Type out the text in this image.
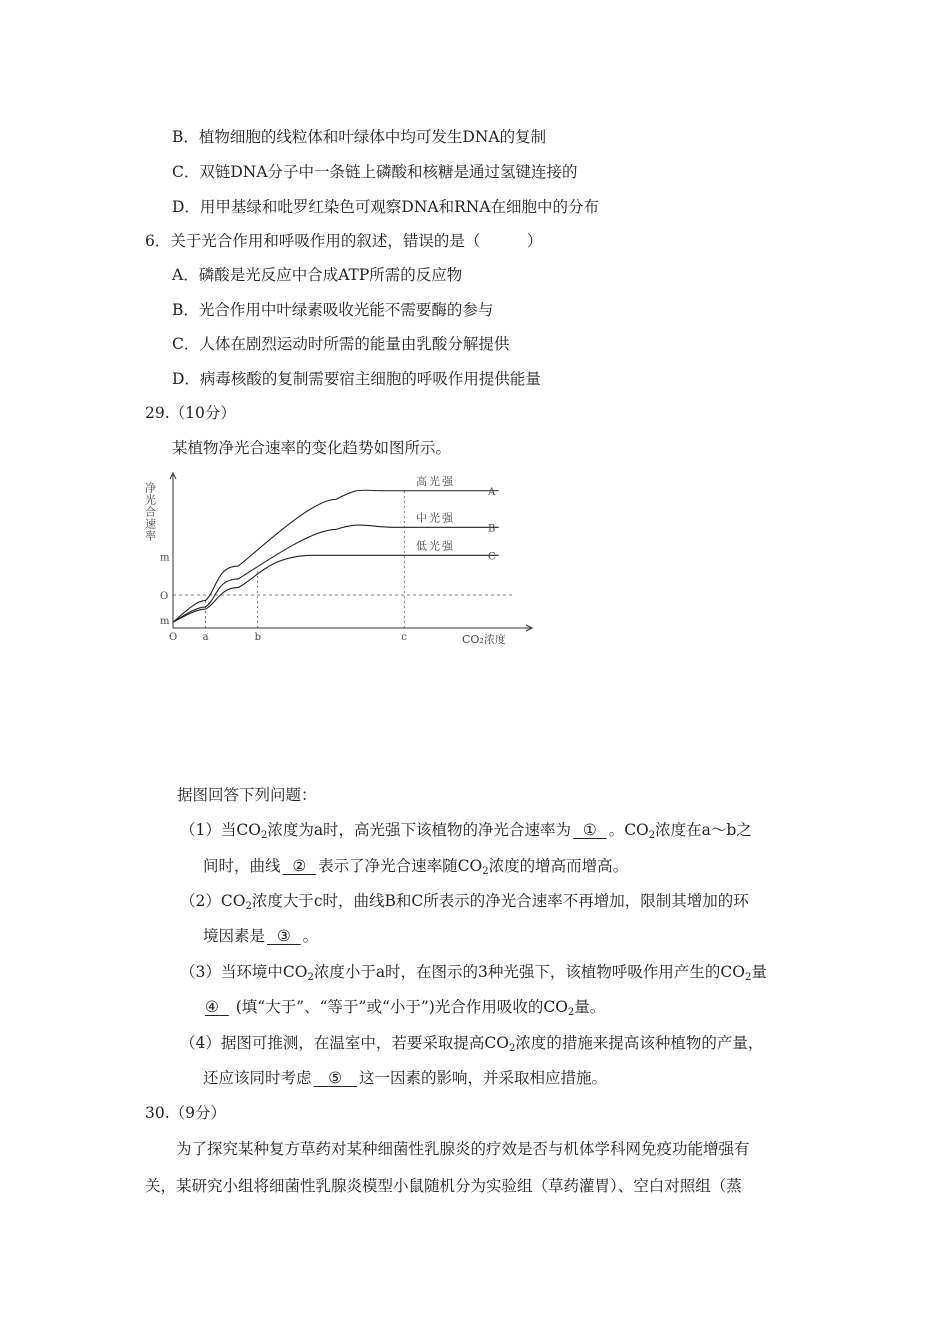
B．植物细胞的线粒体和叶绿体中均可发生DNA的复制
C．双链DNA分子中一条链上磷酸和核糖是通过氢键连接的
D．用甲基绿和吡罗红染色可观察DNA和RNA在细胞中的分布
6．关于光合作用和呼吸作用的叙述，错误的是（　　　）
A．磷酸是光反应中合成ATP所需的反应物
B．光合作用中叶绿素吸收光能不需要酶的参与
C．人体在剧烈运动时所需的能量由乳酸分解提供
D．病毒核酸的复制需要宿主细胞的呼吸作用提供能量
29.（10分）
某植物净光合速率的变化趋势如图所示。
净光合速率
m
O
m
O	a	b	c	CO₂浓度
高光强
A
中光强
B
低光强
C
据图回答下列问题：
（1）当$CO_2$浓度为a时，高光强下该植物的净光合速率为 ① 。$CO_2$浓度在a～b之
间时，曲线 ② 表示了净光合速率随$CO_2$浓度的增高而增高。
$(2)CO_2$浓度大于c时，曲线B和C所表示的净光合速率不再增加，限制其增加的环
境因素是 ③ 。
（3）当环境中$CO_2$浓度小于a时，在图示的3种光强下，该植物呼吸作用产生的$CO_2$量
④ (填“大于”、“等于”或“小于”)光合作用吸收的$CO_2$量。
（4）据图可推测，在温室中，若要采取提高$CO_2$浓度的措施来提高该种植物的产量，
还应该同时考虑 ⑤ 这一因素的影响，并采取相应措施。
30.（9分）
为了探究某种复方草药对某种细菌性乳腺炎的疗效是否与机体学科网免疫功能增强有
关，某研究小组将细菌性乳腺炎模型小鼠随机分为实验组（草药灌胃）、空白对照组（蒸
